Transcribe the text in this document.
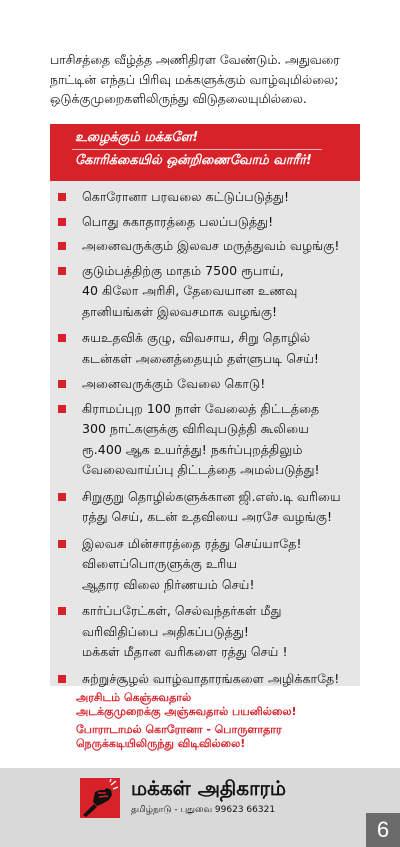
பாசிசத்தை வீழ்த்த அணிதிரள வேண்டும். அதுவரை
நாட்டின் எந்தப் பிரிவு மக்களுக்கும் வாழ்வுமில்லை;
ஒடுக்குமுறைகளிலிருந்து விடுதலையுமில்லை.
உழைக்கும் மக்களே!
கோரிக்கையில் ஒன்றிணைவோம் வாரீர்!
கொரோனா பரவலை கட்டுப்படுத்து!
பொது சுகாதாரத்தை பலப்படுத்து!
அனைவருக்கும் இலவச மருத்துவம் வழங்கு!
குடும்பத்திற்கு மாதம் 7500 ரூபாய்,
40 கிலோ அரிசி, தேவையான உணவு
தானியங்கள் இலவசமாக வழங்கு!
சுயஉதவிக் குழு, விவசாய, சிறு தொழில்
கடன்கள் அனைத்தையும் தள்ளுபடி செய்!
அனைவருக்கும் வேலை கொடு!
கிராமப்புற 100 நாள் வேலைத் திட்டத்தை
300 நாட்களுக்கு விரிவுபடுத்தி கூலியை
ரூ.400 ஆக உயர்த்து! நகர்ப்புறத்திலும்
வேலைவாய்ப்பு திட்டத்தை அமல்படுத்து!
சிறுகுறு தொழில்களுக்கான ஜி.எஸ்.டி வரியை
ரத்து செய், கடன் உதவியை அரசே வழங்கு!
இலவச மின்சாரத்தை ரத்து செய்யாதே!
விளைப்பொருளுக்கு உரிய
ஆதார விலை நிர்ணயம் செய்!
கார்ப்பரேட்கள், செல்வந்தர்கள் மீது
வரிவிதிப்பை அதிகப்படுத்து!
மக்கள் மீதான வரிகளை ரத்து செய் !
சுற்றுச்சூழல் வாழ்வாதாரங்களை அழிக்காதே!
அரசிடம் கெஞ்சுவதால்
அடக்குமுறைக்கு அஞ்சுவதால் பயனில்லை!
போராடாமல் கொரோனா - பொருளாதார
நெருக்கடியிலிருந்து விடிவில்லை!
மக்கள் அதிகாரம்
தமிழ்நாடு - புதுவை 99623 66321
6
